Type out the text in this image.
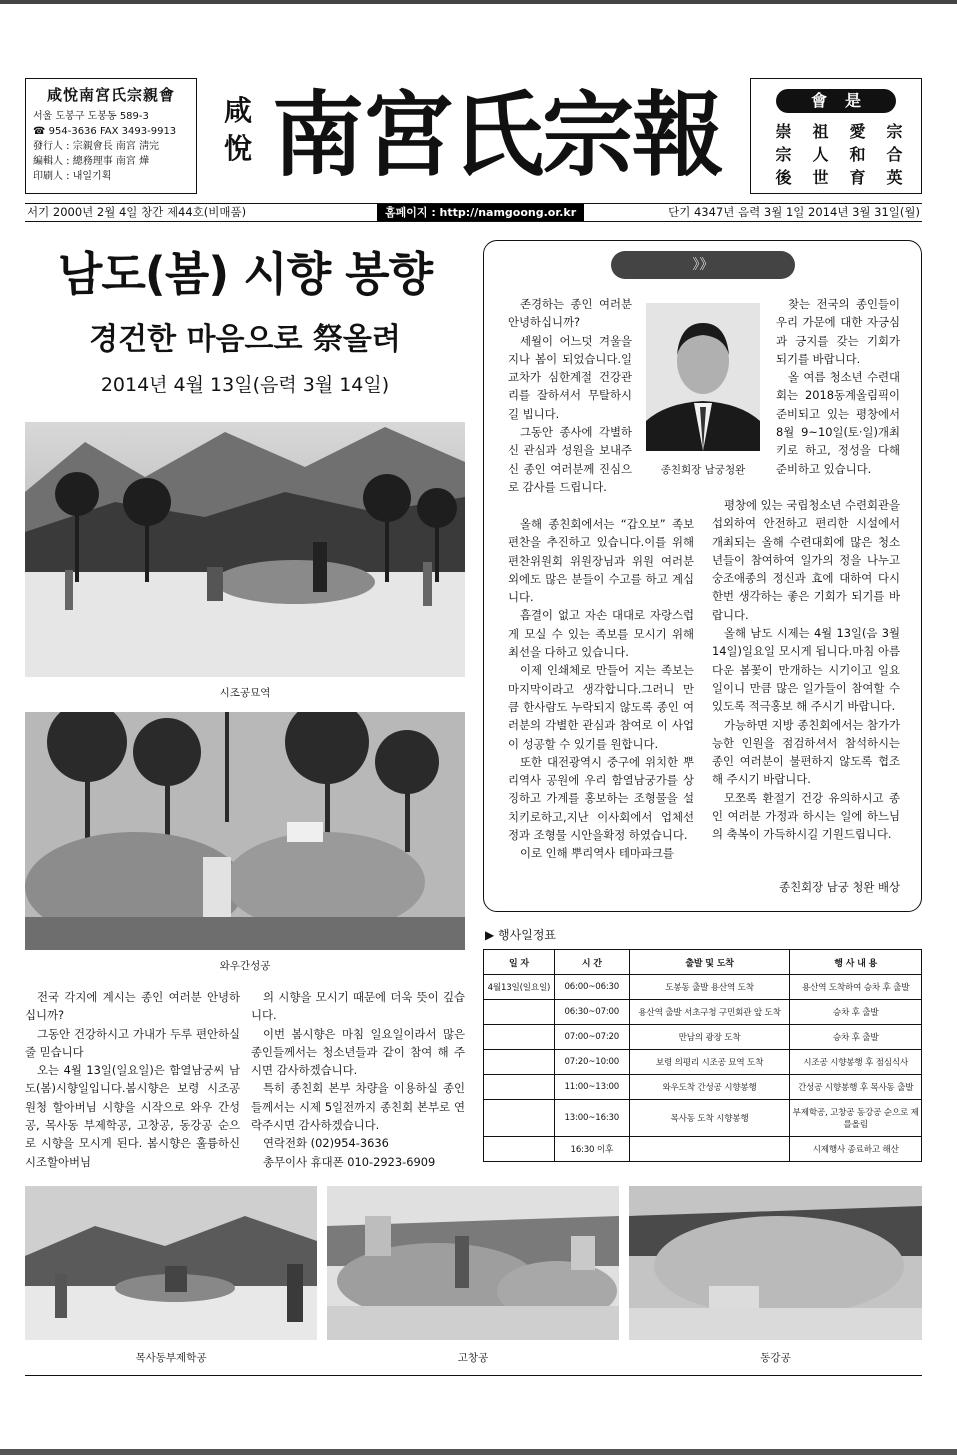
咸悅南宮氏宗親會
서울 도봉구 도봉동 589-3
☎ 954-3636 FAX 3493-9913
發行人 : 宗親會長 南宮 淸完
編輯人 : 總務理事 南宮 燁
印刷人 : 내일기획
咸
悅 南宮氏宗報	會是
崇	祖	愛	宗
宗	人	和	合
後	世	育	英
서기 2000년 2월 4일 창간 제44호(비매품)	홈페이지 : http://namgoong.or.kr	단기 4347년 음력 3월 1일 2014년 3월 31일(월)
남도(봄) 시향 봉향
경건한 마음으로 祭올려
2014년 4월 13일(음력 3월 14일)
시조공묘역
와우간성공

전국 각지에 계시는 종인 여러분 안녕하십니까?

그동안 건강하시고 가내가 두루 편안하실줄 믿습니다

오는 4월 13일(일요일)은 함열남궁씨 남도(봄)시향일입니다.봄시향은 보령 시조공 원청 할아버님 시향을 시작으로 와우 간성공, 목사동 부제학공, 고창공, 동강공 순으로 시향을 모시게 된다. 봄시향은 훌륭하신 시조할아버님

의 시향을 모시기 때문에 더욱 뜻이 깊습니다.

이번 봄시향은 마침 일요일이라서 많은 종인들께서는 청소년들과 같이 참여 해 주시면 감사하겠습니다.

특히 종친회 본부 차량을 이용하실 종인들께서는 시제 5일전까지 종친회 본부로 연락주시면 감사하겠습니다.

연락전화 (02)954-3636

총무이사 휴대폰 010-2923-6909

》》
종친회장 남궁청완

존경하는 종인 여러분 안녕하십니까?

세월이 어느덧 겨울을 지나 봄이 되었습니다.일교차가 심한계절 건강관리를 잘하셔서 무탈하시길 빕니다.

그동안 종사에 각별하신 관심과 성원을 보내주신 종인 여러분께 진심으로 감사를 드립니다.

올해 종친회에서는 “갑오보” 족보편찬을 추진하고 있습니다.이를 위해 편찬위원회 위원장님과 위원 여러분 외에도 많은 분들이 수고를 하고 계십니다.

흠결이 없고 자손 대대로 자랑스럽게 모실 수 있는 족보를 모시기 위해 최선을 다하고 있습니다.

이제 인쇄체로 만들어 지는 족보는 마지막이라고 생각합니다.그러니 만큼 한사람도 누락되지 않도록 종인 여러분의 각별한 관심과 참여로 이 사업이 성공할 수 있기를 원합니다.

또한 대전광역시 중구에 위치한 뿌리역사 공원에 우리 함열남궁가를 상징하고 가계를 홍보하는 조형물을 설치키로하고,지난 이사회에서 업체선정과 조형물 시안을확정 하였습니다.

이로 인해 뿌리역사 테마파크를

찾는 전국의 종인들이 우리 가문에 대한 자긍심과 긍지를 갖는 기회가 되기를 바랍니다.

올 여름 청소년 수련대회는 2018동계올림픽이 준비되고 있는 평창에서 8월 9~10일(토·일)개최키로 하고, 정성을 다해 준비하고 있습니다.

평창에 있는 국립청소년 수련회관을 섭외하여 안전하고 편리한 시설에서 개최되는 올해 수련대회에 많은 청소년들이 참여하여 일가의 정을 나누고 숭조애종의 정신과 효에 대하여 다시한번 생각하는 좋은 기회가 되기를 바랍니다.

올해 남도 시제는 4월 13일(음 3월 14일)일요일 모시게 됩니다.마침 아름다운 봄꽃이 만개하는 시기이고 일요일이니 만큼 많은 일가들이 참여할 수 있도록 적극홍보 해 주시기 바랍니다.

가능하면 지방 종친회에서는 참가가능한 인원을 점검하셔서 참석하시는 종인 여러분이 불편하지 않도록 협조 해 주시기 바랍니다.

모쪼록 환절기 건강 유의하시고 종인 여러분 가정과 하시는 일에 하느님의 축복이 가득하시길 기원드립니다.

종친회장 남궁 청완 배상
▶ 행사일정표
일 자	시 간	출발 및 도착	행 사 내 용
4월13일(일요일)	06:00~06:30	도봉동 출발 용산역 도착	용산역 도착하여 승차 후 출발
	06:30~07:00	용산역 출발 서초구청 구민회관 앞 도착	승차 후 출발
	07:00~07:20	만남의 광장 도착	승차 후 출발
	07:20~10:00	보령 의평리 시조공 묘역 도착	시조공 시향봉행 후 점심식사
	11:00~13:00	와우도착 간성공 시향봉행	간성공 시향봉행 후 목사동 출발
	13:00~16:30	목사동 도착 시향봉행	부제학공, 고창공 동강공 순으로 제를올림
	16:30 이후		시제행사 종료하고 해산
목사동부제학공	고창공	동강공
